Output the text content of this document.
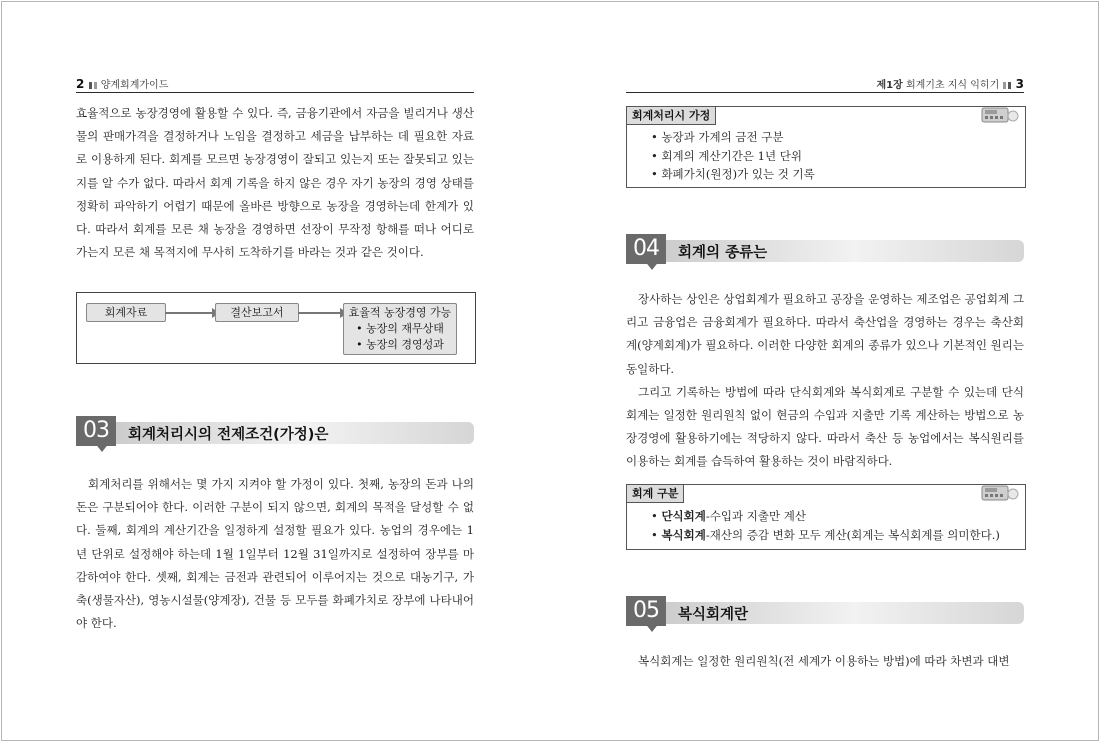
2 양계회계가이드	제1장 회계기초 지식 익히기 3

효율적으로 농장경영에 활용할 수 있다. 즉, 금융기관에서 자금을 빌리거나 생산물의 판매가격을 결정하거나 노임을 결정하고 세금을 납부하는 데 필요한 자료로 이용하게 된다. 회계를 모르면 농장경영이 잘되고 있는지 또는 잘못되고 있는지를 알 수가 없다. 따라서 회계 기록을 하지 않은 경우 자기 농장의 경영 상태를 정확히 파악하기 어렵기 때문에 올바른 방향으로 농장을 경영하는데 한계가 있다. 따라서 회계를 모른 채 농장을 경영하면 선장이 무작정 항해를 떠나 어디로 가는지 모른 채 목적지에 무사히 도착하기를 바라는 것과 같은 것이다.

회계자료	결산보고서	효율적 농장경영 가능
• 농장의 재무상태
• 농장의 경영성과
03	회계처리시의 전제조건(가정)은

회계처리를 위해서는 몇 가지 지켜야 할 가정이 있다. 첫째, 농장의 돈과 나의 돈은 구분되어야 한다. 이러한 구분이 되지 않으면, 회계의 목적을 달성할 수 없다. 둘째, 회계의 계산기간을 일정하게 설정할 필요가 있다. 농업의 경우에는 1년 단위로 설정해야 하는데 1월 1일부터 12월 31일까지로 설정하여 장부를 마감하여야 한다. 셋째, 회계는 금전과 관련되어 이루어지는 것으로 대농기구, 가축(생물자산), 영농시설물(양계장), 건물 등 모두를 화폐가치로 장부에 나타내어야 한다.

회계처리시 가정
• 농장과 가계의 금전 구분
• 회계의 계산기간은 1년 단위
• 화폐가치(원정)가 있는 것 기록
04	회계의 종류는

장사하는 상인은 상업회계가 필요하고 공장을 운영하는 제조업은 공업회계 그리고 금융업은 금융회계가 필요하다. 따라서 축산업을 경영하는 경우는 축산회계(양계회계)가 필요하다. 이러한 다양한 회계의 종류가 있으나 기본적인 원리는 동일하다.

그리고 기록하는 방법에 따라 단식회계와 복식회계로 구분할 수 있는데 단식회계는 일정한 원리원칙 없이 현금의 수입과 지출만 기록 계산하는 방법으로 농장경영에 활용하기에는 적당하지 않다. 따라서 축산 등 농업에서는 복식원리를 이용하는 회계를 습득하여 활용하는 것이 바람직하다.

회계 구분
• 단식회계-수입과 지출만 계산
• 복식회계-재산의 증감 변화 모두 계산(회계는 복식회계를 의미한다.)
05	복식회계란

복식회계는 일정한 원리원칙(전 세계가 이용하는 방법)에 따라 차변과 대변
